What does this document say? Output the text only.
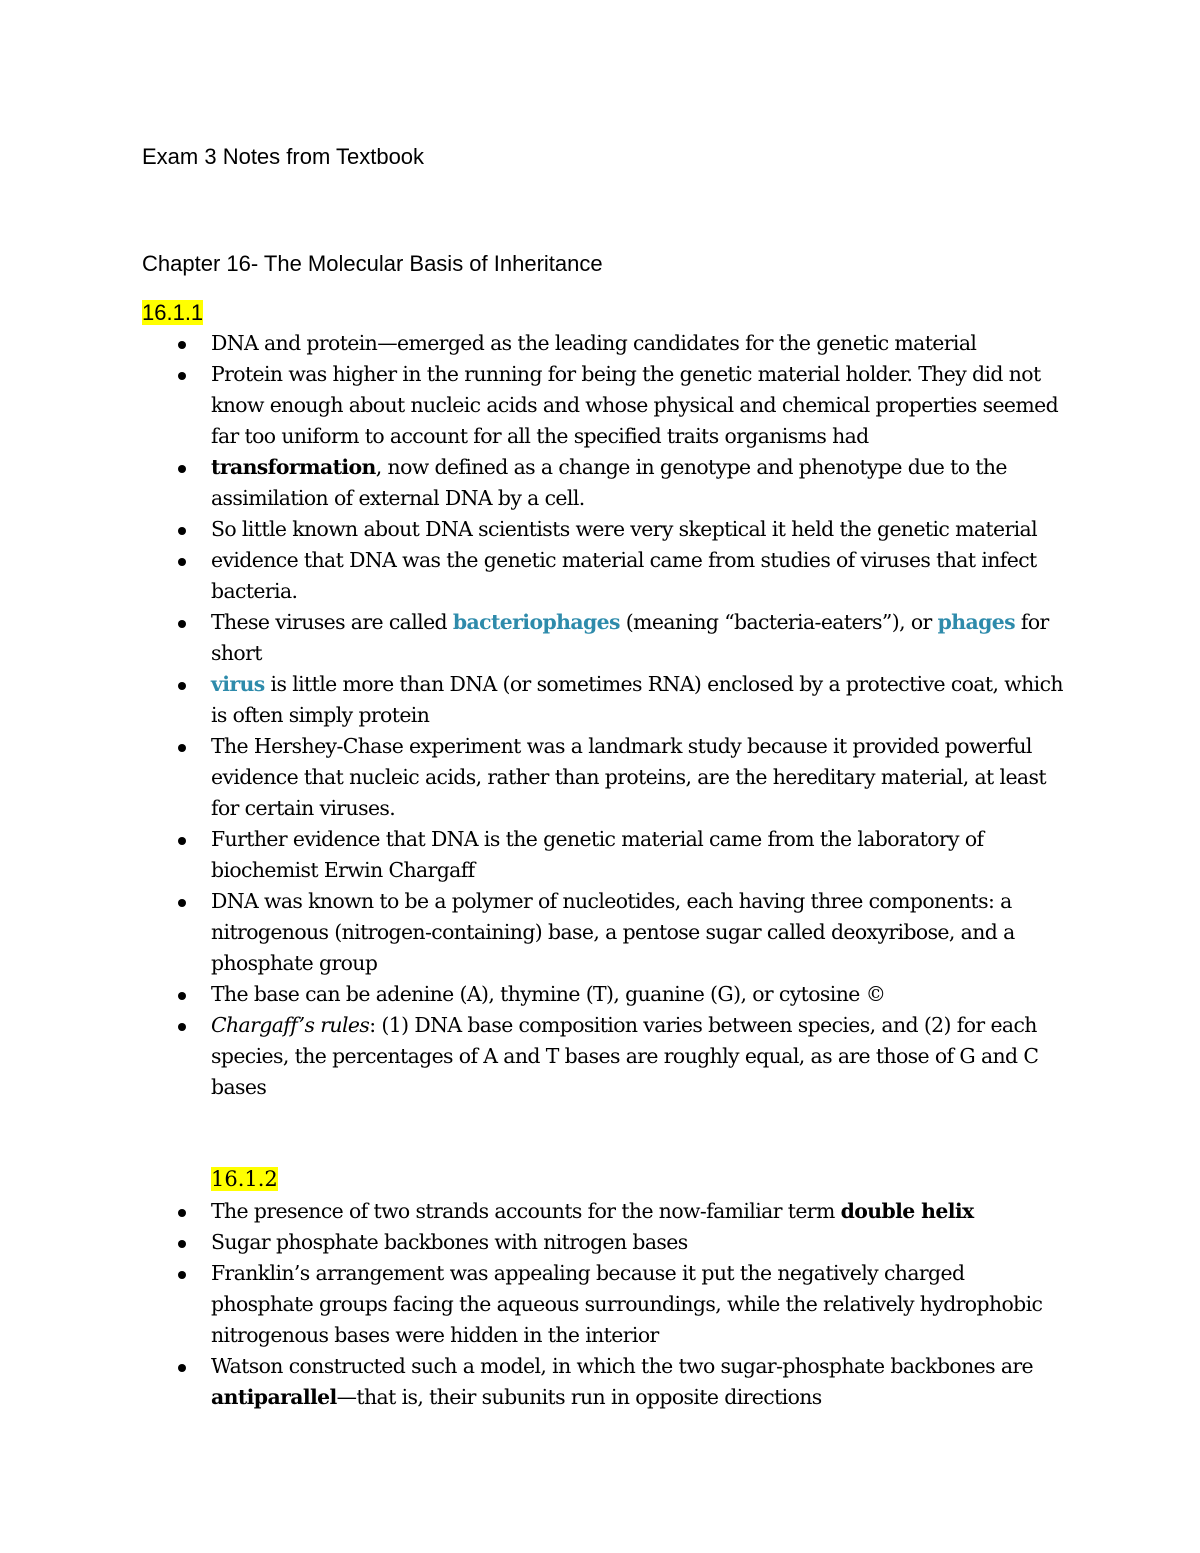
Exam 3 Notes from Textbook
Chapter 16- The Molecular Basis of Inheritance
16.1.1
DNA and protein—emerged as the leading candidates for the genetic material
Protein was higher in the running for being the genetic material holder. They did not know enough about nucleic acids and whose physical and chemical properties seemed far too uniform to account for all the specified traits organisms had
transformation, now defined as a change in genotype and phenotype due to the assimilation of external DNA by a cell.
So little known about DNA scientists were very skeptical it held the genetic material
evidence that DNA was the genetic material came from studies of viruses that infect bacteria.
These viruses are called bacteriophages (meaning “bacteria-eaters”), or phages for short
virus is little more than DNA (or sometimes RNA) enclosed by a protective coat, which is often simply protein
The Hershey-Chase experiment was a landmark study because it provided powerful evidence that nucleic acids, rather than proteins, are the hereditary material, at least for certain viruses.
Further evidence that DNA is the genetic material came from the laboratory of biochemist Erwin Chargaff
DNA was known to be a polymer of nucleotides, each having three components: a nitrogenous (nitrogen-containing) base, a pentose sugar called deoxyribose, and a phosphate group
The base can be adenine (A), thymine (T), guanine (G), or cytosine ©
Chargaff’s rules: (1) DNA base composition varies between species, and (2) for each species, the percentages of A and T bases are roughly equal, as are those of G and C bases
16.1.2
The presence of two strands accounts for the now-familiar term double helix
Sugar phosphate backbones with nitrogen bases
Franklin’s arrangement was appealing because it put the negatively charged phosphate groups facing the aqueous surroundings, while the relatively hydrophobic nitrogenous bases were hidden in the interior
Watson constructed such a model, in which the two sugar-phosphate backbones are antiparallel—that is, their subunits run in opposite directions
